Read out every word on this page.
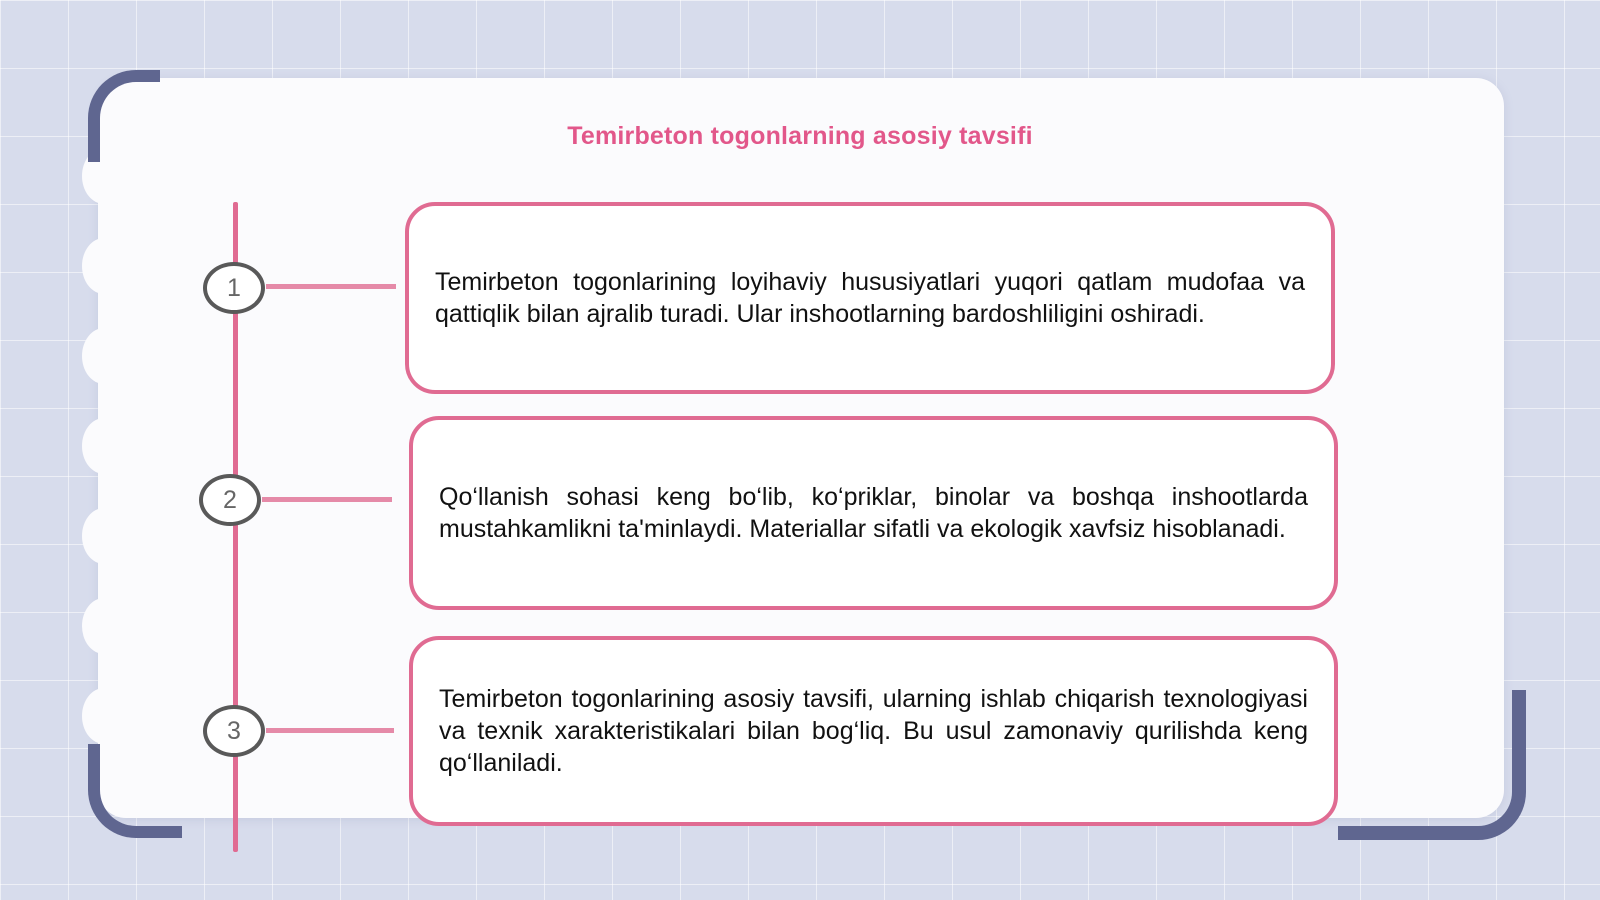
Temirbeton togonlarning asosiy tavsifi
1	Temirbeton togonlarining loyihaviy hususiyatlari yuqori qatlam mudofaa va qattiqlik bilan ajralib turadi. Ular inshootlarning bardoshliligini oshiradi.

2	Qo‘llanish sohasi keng bo‘lib, ko‘priklar, binolar va boshqa inshootlarda mustahkamlikni ta'minlaydi. Materiallar sifatli va ekologik xavfsiz hisoblanadi.

3

Temirbeton togonlarining asosiy tavsifi, ularning ishlab chiqarish texnologiyasi va texnik xarakteristikalari bilan bog‘liq. Bu usul zamonaviy qurilishda keng qo‘llaniladi.
